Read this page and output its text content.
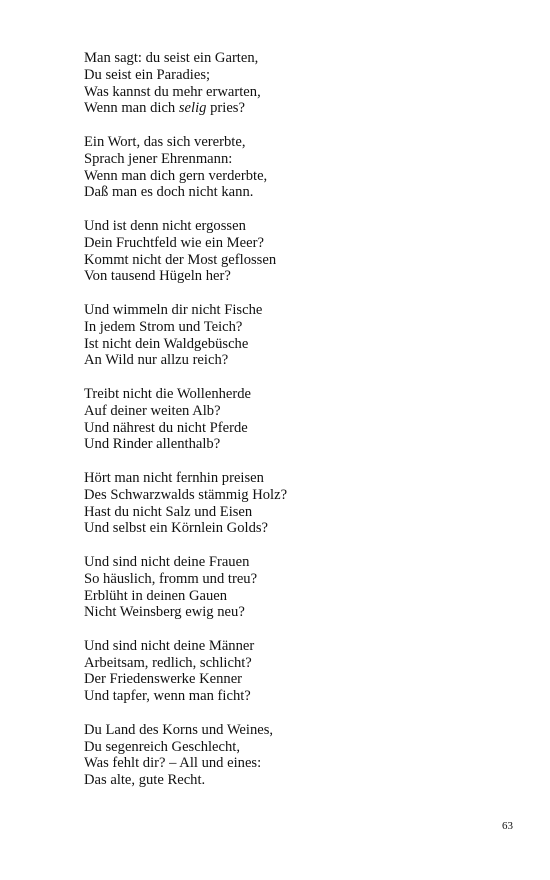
Man sagt: du seist ein Garten,
Du seist ein Paradies;
Was kannst du mehr erwarten,
Wenn man dich selig pries?
Ein Wort, das sich vererbte,
Sprach jener Ehrenmann:
Wenn man dich gern verderbte,
Daß man es doch nicht kann.
Und ist denn nicht ergossen
Dein Fruchtfeld wie ein Meer?
Kommt nicht der Most geflossen
Von tausend Hügeln her?
Und wimmeln dir nicht Fische
In jedem Strom und Teich?
Ist nicht dein Waldgebüsche
An Wild nur allzu reich?
Treibt nicht die Wollenherde
Auf deiner weiten Alb?
Und nährest du nicht Pferde
Und Rinder allenthalb?
Hört man nicht fernhin preisen
Des Schwarzwalds stämmig Holz?
Hast du nicht Salz und Eisen
Und selbst ein Körnlein Golds?
Und sind nicht deine Frauen
So häuslich, fromm und treu?
Erblüht in deinen Gauen
Nicht Weinsberg ewig neu?
Und sind nicht deine Männer
Arbeitsam, redlich, schlicht?
Der Friedenswerke Kenner
Und tapfer, wenn man ficht?
Du Land des Korns und Weines,
Du segenreich Geschlecht,
Was fehlt dir? – All und eines:
Das alte, gute Recht.
63
